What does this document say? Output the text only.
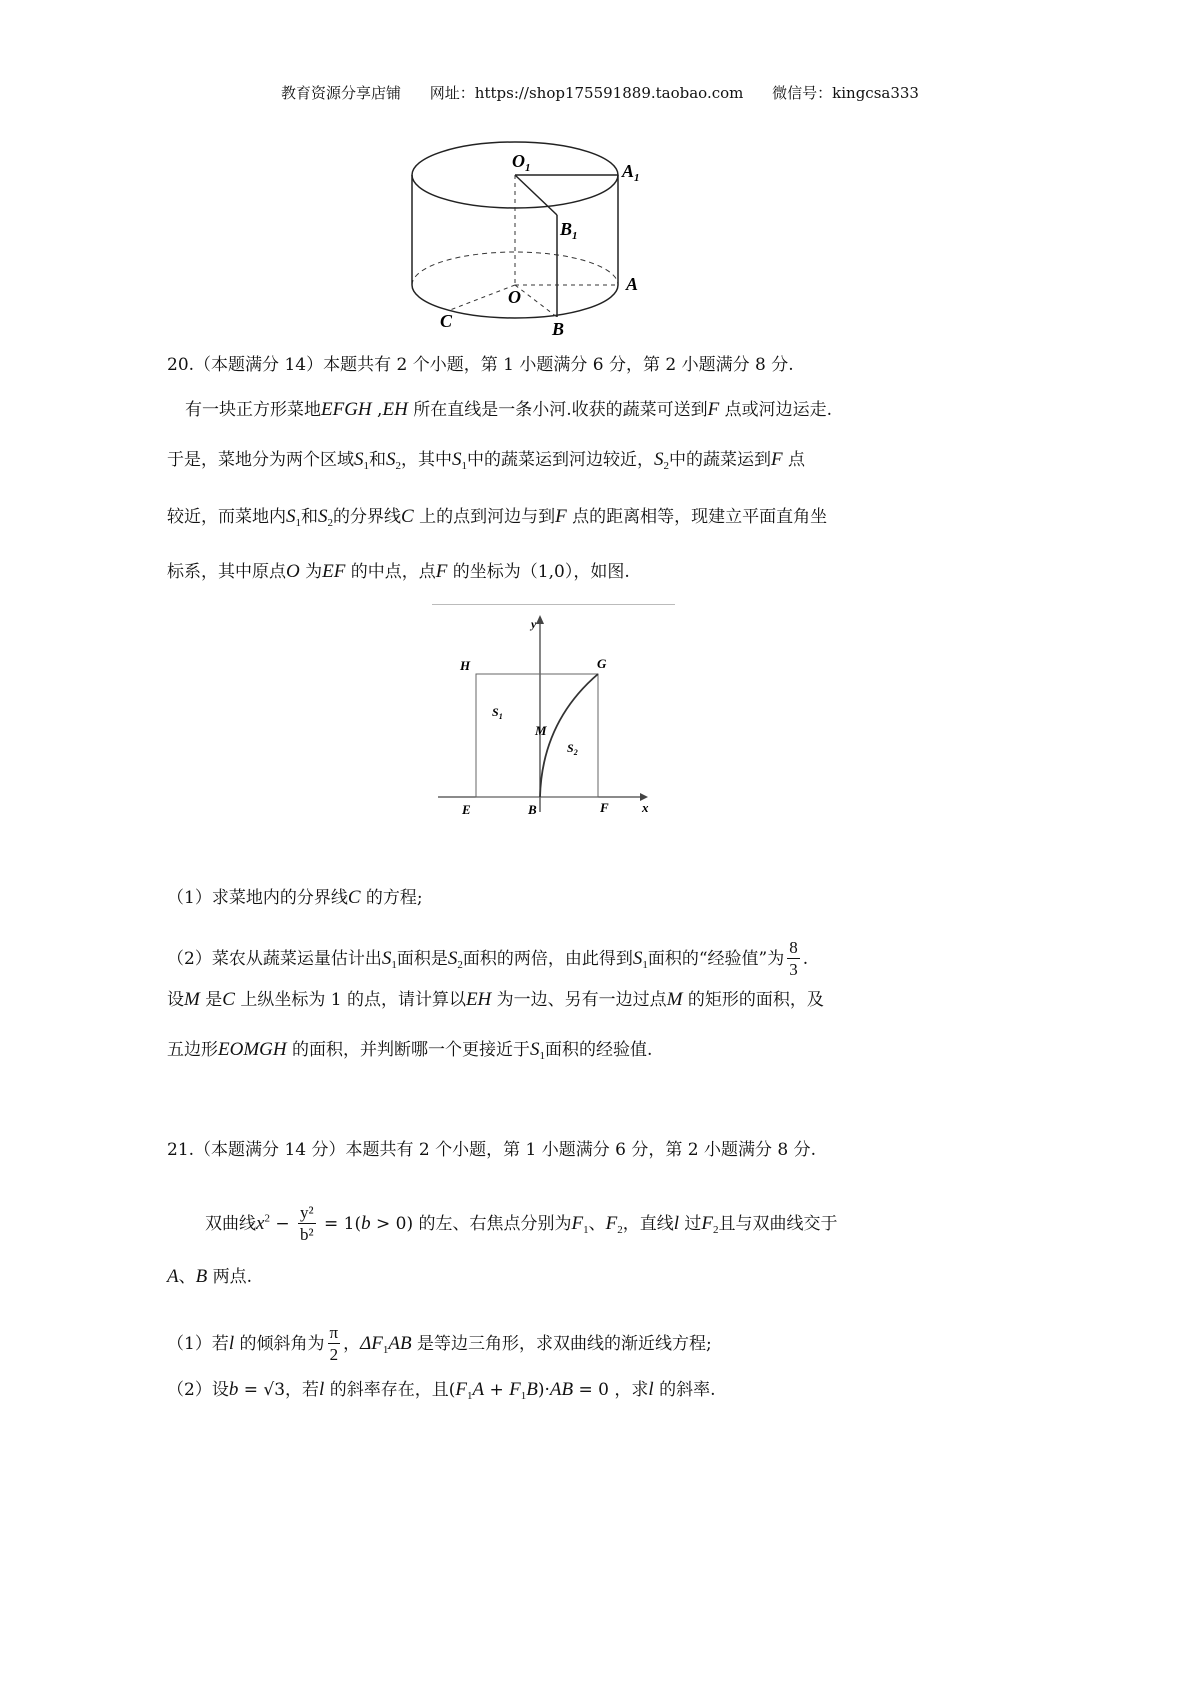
教育资源分享店铺 网址：https://shop175591889.taobao.com 微信号：kingcsa333
$O_1$	$A_1$
$B_1$
O
A
B
C
20.（本题满分 14）本题共有 2 个小题，第 1 小题满分 6 分，第 2 小题满分 8 分.
有一块正方形菜地EFGH ,EH 所在直线是一条小河.收获的蔬菜可送到F 点或河边运走.
于是，菜地分为两个区域$S_1$和$S_2$，其中$S_1$中的蔬菜运到河边较近，$S_2$中的蔬菜运到F 点
较近，而菜地内$S_1$和$S_2$的分界线C 上的点到河边与到F 点的距离相等，现建立平面直角坐
标系，其中原点O 为EF 的中点，点F 的坐标为（1,0），如图.
（1）求菜地内的分界线C 的方程;
（2）菜农从蔬菜运量估计出$S_1$面积是$S_2$面积的两倍，由此得到$S_1$面积的“经验值”为 $\frac{8}{3}$ .
设M 是C 上纵坐标为 1 的点，请计算以EH 为一边、另有一边过点M 的矩形的面积，及
五边形EOMGH 的面积，并判断哪一个更接近于$S_1$面积的经验值.
21.（本题满分 14 分）本题共有 2 个小题，第 1 小题满分 6 分，第 2 小题满分 8 分.
双曲线$x^2 - \frac{\text{y²}}{\text{b²}} = 1(b > 0)$ 的左、右焦点分别为$F_1$、$F_2$，直线l 过$F_2$且与双曲线交于
A、B 两点.
（1）若l 的倾斜角为 $\frac{\pi}{2}$ ，$\Delta F_1AB$ 是等边三角形，求双曲线的渐近线方程;
（2）设b = √3，若l 的斜率存在，且$(F_1A + F_1B)\cdot AB = 0$ ，求l 的斜率.
y
x
H	G
E	B	F
M
$S_1$
$S_2$
